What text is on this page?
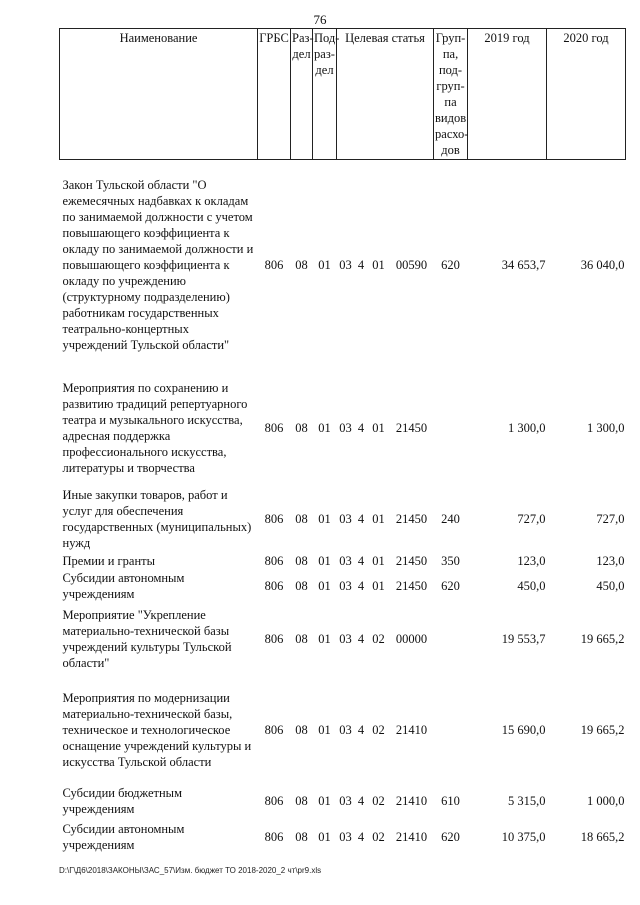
76
Наименование	ГРБС	Раз-дел	Под-раз-дел	Целевая статья				Груп-па, под-груп-па видов расхо-дов	2019 год	2020 год
Закон Тульской области "О ежемесячных надбавках к окладам по занимаемой должности с учетом повышающего коэффициента к окладу по занимаемой должности и повышающего коэффициента к окладу по учреждению (структурному подразделению) работникам государственных театрально-концертных учреждений Тульской области"	806	08	01	03	4	01	00590	620	34 653,7	36 040,0
Мероприятия по сохранению и развитию традиций репертуарного театра и музыкального искусства, адресная поддержка профессионального искусства, литературы и творчества	806	08	01	03	4	01	21450		1 300,0	1 300,0
Иные закупки товаров, работ и услуг для обеспечения государственных (муниципальных) нужд	806	08	01	03	4	01	21450	240	727,0	727,0
Премии и гранты	806	08	01	03	4	01	21450	350	123,0	123,0
Субсидии автономным учреждениям	806	08	01	03	4	01	21450	620	450,0	450,0
Мероприятие "Укрепление материально-технической базы учреждений культуры Тульской области"	806	08	01	03	4	02	00000		19 553,7	19 665,2
Мероприятия по модернизации материально-технической базы, техническое и технологическое оснащение учреждений культуры и искусства Тульской области	806	08	01	03	4	02	21410		15 690,0	19 665,2
Субсидии бюджетным учреждениям	806	08	01	03	4	02	21410	610	5 315,0	1 000,0
Субсидии автономным учреждениям	806	08	01	03	4	02	21410	620	10 375,0	18 665,2
D:\Г\Д6\2018\ЗАКОНЫ\ЗАС_57\Изм. бюджет ТО 2018-2020_2 чт\pr9.xls
